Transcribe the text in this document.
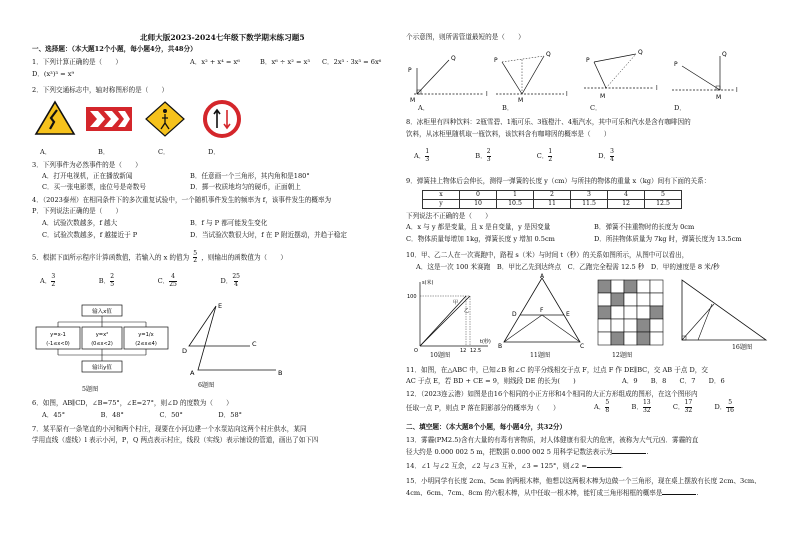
北师大版2023-2024七年级下数学期末练习题5
一、选择题：（本大题12个小题，每小题4分，共48分）
1．下列计算正确的是（　　）	A．x² + x⁴ = x⁶	B．x⁶ ÷ x² = x³ C．2x³ · 3x³ = 6x⁶
D．(x³)³ = x⁹
2．下列交通标志中，轴对称图形的是（　　）
A．	B．	C．	D．
3．下列事件为必然事件的是（　　）
A．打开电视机，正在播放新闻	B．任意画一个三角形，其内角和是180°
C．买一张电影票，座位号是奇数号	D．掷一枚质地均匀的硬币，正面朝上
4．（2023泰州）在相同条件下的多次重复试验中，一个随机事件发生的频率为 f，该事件发生的概率为
P．下列说法正确的是（　　）
A．试验次数越多，f 越大	B．f 与 P 都可能发生变化
C．试验次数越多，f 越接近于 P	D．当试验次数很大时，f 在 P 附近摆动，并趋于稳定
5．根据下面所示程序计算函数值，若输入的 x 的值为 $\frac{5}{2}$ ，则输出的函数值为（　　）
A． $\frac{3}{2}$	B． $\frac{2}{5}$	C． $\frac{4}{25}$	D． $\frac{25}{4}$
输入x值
y=x-1
(-1≤x<0)
y=x²
(0≤x<2)
y=1/x
(2≤x≤4)
输出y值
5题图
E
A	B
C
D
6题图
6．如图，AB∥CD，∠B=75°，∠E=27°，则∠D 的度数为（　　）
A．45°	B．48°	C．50°	D．58°
7．某平原有一条笔直的小河和两个村庄，现要在小河边建一个水泵站向这两个村庄供水，某同
学用直线（虚线）l 表示小河，P，Q 两点表示村庄，线段（实线）表示铺设的管道，画出了如下四
个示意图，则所需管道最短的是（　　）
P
Q
M
l
P
Q
M
l
P
Q
M
l
P
Q
M
l
A．	B．	C．	D．
8．冰柜里有四种饮料：2瓶雪碧、1瓶可乐、3瓶橙汁、4瓶汽水，其中可乐和汽水是含有咖啡因的
饮料，从冰柜里随机取一瓶饮料，该饮料含有咖啡因的概率是（　　）
A． $\frac{1}{3}$	B． $\frac{2}{3}$	C． $\frac{1}{2}$	D． $\frac{3}{4}$
9．弹簧挂上物体后会伸长，测得一弹簧的长度 y（cm）与所挂的物体的重量 x（kg）间有下面的关系：
x	0	1	2	3	4	5
y	10	10.5	11	11.5	12	12.5
下列说法不正确的是（　　）
A．x 与 y 都是变量，且 x 是自变量，y 是因变量	B．弹簧不挂重物时的长度为 0cm
C．物体质量每增加 1kg，弹簧长度 y 增加 0.5cm	D．所挂物体质量为 7kg 时，弹簧长度为 13.5cm
10．甲、乙二人在一次赛跑中，路程 s（米）与时间 t（秒）的关系如图所示，从图中可以看出，
A．这是一次 100 米赛跑　B．甲比乙先到达终点　C．乙跑完全程需 12.5 秒　D．甲的速度是 8 米/秒
s(米)
100
12 12.5
t(秒)
甲
乙
O
10题图
A
B	C
D	E
F
11题图	12题图
16题图
11．如图，在△ABC 中，已知∠B 和∠C 的平分线相交于点 F，过点 F 作 DE∥BC，交 AB 于点 D，交
AC 于点 E，若 BD + CE = 9，则线段 DE 的长为(　　)	A．9　　B．8　　C．7　　D．6
12．（2023连云港）如图是由16个相同的小正方形和4个相同的大正方形组成的图形，在这个图形内
任取一点 P，则点 P 落在阴影部分的概率为（　　）	A． $\frac{5}{8}$	B． $\frac{13}{32}$	C． $\frac{17}{32}$	D． $\frac{5}{16}$
二、填空题：（本大题8个小题，每小题4分，共32分）
13．雾霾(PM2.5)含有大量的有毒有害物质，对人体健康有很大的危害，被称为大气元凶．雾霾的直
径大约是 0.000 002 5 m，把数据 0.000 002 5 用科学记数法表示为	.
14．∠1 与∠2 互余，∠2 与∠3 互补，∠3 = 125°，则∠2 =	.
15．小明同学有长度 2cm、5cm 的两根木棒，他想以这两根木棒为边做一个三角形，现在桌上摆放有长度 2cm、3cm、
4cm、6cm、7cm、8cm 的六根木棒，从中任取一根木棒，能钉成三角形相框的概率是	.
